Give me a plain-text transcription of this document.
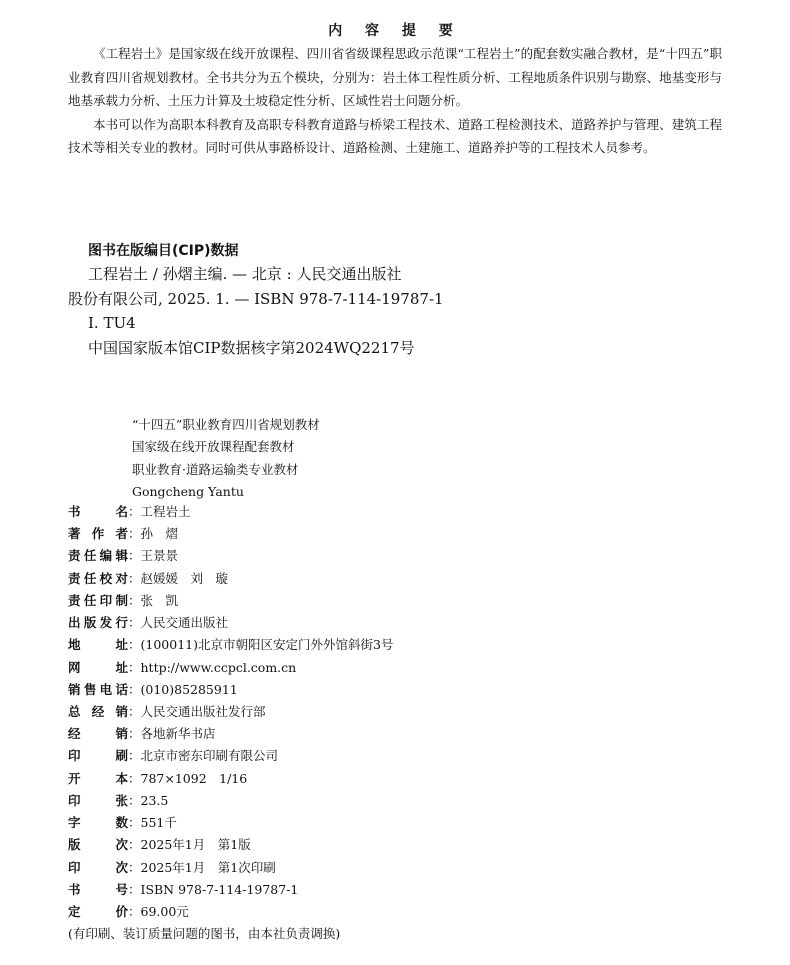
内 容 提 要

《工程岩土》是国家级在线开放课程、四川省省级课程思政示范课“工程岩土”的配套数实融合教材，是“十四五”职业教育四川省规划教材。全书共分为五个模块，分别为：岩土体工程性质分析、工程地质条件识别与勘察、地基变形与地基承载力分析、土压力计算及土坡稳定性分析、区域性岩土问题分析。

本书可以作为高职本科教育及高职专科教育道路与桥梁工程技术、道路工程检测技术、道路养护与管理、建筑工程技术等相关专业的教材。同时可供从事路桥设计、道路检测、土建施工、道路养护等的工程技术人员参考。

图书在版编目(CIP)数据
工程岩土 / 孙熠主编. — 北京 : 人民交通出版社
股份有限公司, 2025. 1. — ISBN 978-7-114-19787-1
Ⅰ. TU4
中国国家版本馆CIP数据核字第2024WQ2217号
“十四五”职业教育四川省规划教材
国家级在线开放课程配套教材
职业教育·道路运输类专业教材
Gongcheng Yantu
书	名 ：工程岩土
著 作 者 ：孙　熠
责 任 编 辑 ：王景景
责 任 校 对 ：赵媛媛　刘　璇
责 任 印 制 ：张　凯
出 版 发 行 ：人民交通出版社
地	址 ：(100011)北京市朝阳区安定门外外馆斜街3号
网	址 ：http://www.ccpcl.com.cn
销 售 电 话 ：(010)85285911
总 经 销 ：人民交通出版社发行部
经	销 ：各地新华书店
印	刷 ：北京市密东印刷有限公司
开	本 ：787×1092　1/16
印	张 ：23.5
字	数 ：551千
版	次 ：2025年1月　第1版
印	次 ：2025年1月　第1次印刷
书	号 ：ISBN 978-7-114-19787-1
定	价 ：69.00元
(有印刷、装订质量问题的图书，由本社负责调换)
